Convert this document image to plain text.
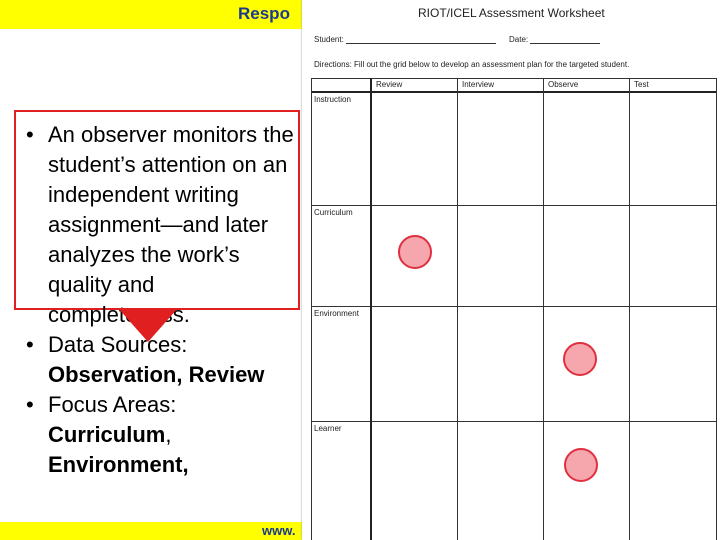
Respo
• An observer monitors the student’s attention on an independent writing assignment—and later analyzes the work’s quality and completeness.
• Data Sources: Observation, Review
• Focus Areas: Curriculum, Environment,
www.
RIOT/ICEL Assessment Worksheet
Student:	Date:
Directions: Fill out the grid below to develop an assessment plan for the targeted student.
Review	Interview	Observe	Test
Instruction
Curriculum
Environment
Learner
